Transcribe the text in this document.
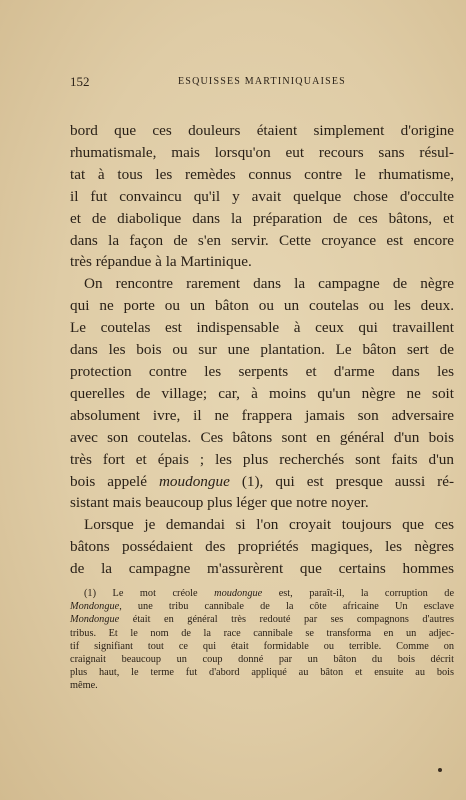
152	ESQUISSES MARTINIQUAISES

bord que ces douleurs étaient simplement d'origine

rhumatismale, mais lorsqu'on eut recours sans résul-

tat à tous les remèdes connus contre le rhumatisme,

il fut convaincu qu'il y avait quelque chose d'occulte

et de diabolique dans la préparation de ces bâtons, et

dans la façon de s'en servir. Cette croyance est encore

très répandue à la Martinique.

On rencontre rarement dans la campagne de nègre

qui ne porte ou un bâton ou un coutelas ou les deux.

Le coutelas est indispensable à ceux qui travaillent

dans les bois ou sur une plantation. Le bâton sert de

protection contre les serpents et d'arme dans les

querelles de village; car, à moins qu'un nègre ne soit

absolument ivre, il ne frappera jamais son adversaire

avec son coutelas. Ces bâtons sont en général d'un bois

très fort et épais ; les plus recherchés sont faits d'un

bois appelé moudongue (1), qui est presque aussi ré-

sistant mais beaucoup plus léger que notre noyer.

Lorsque je demandai si l'on croyait toujours que ces

bâtons possédaient des propriétés magiques, les nègres

de la campagne m'assurèrent que certains hommes

(1) Le mot créole moudongue est, paraît-il, la corruption de

Mondongue, une tribu cannibale de la côte africaine Un esclave

Mondongue était en général très redouté par ses compagnons d'autres

tribus. Et le nom de la race cannibale se transforma en un adjec-

tif signifiant tout ce qui était formidable ou terrible. Comme on

craignait beaucoup un coup donné par un bâton du bois décrit

plus haut, le terme fut d'abord appliqué au bâton et ensuite au bois

même.
